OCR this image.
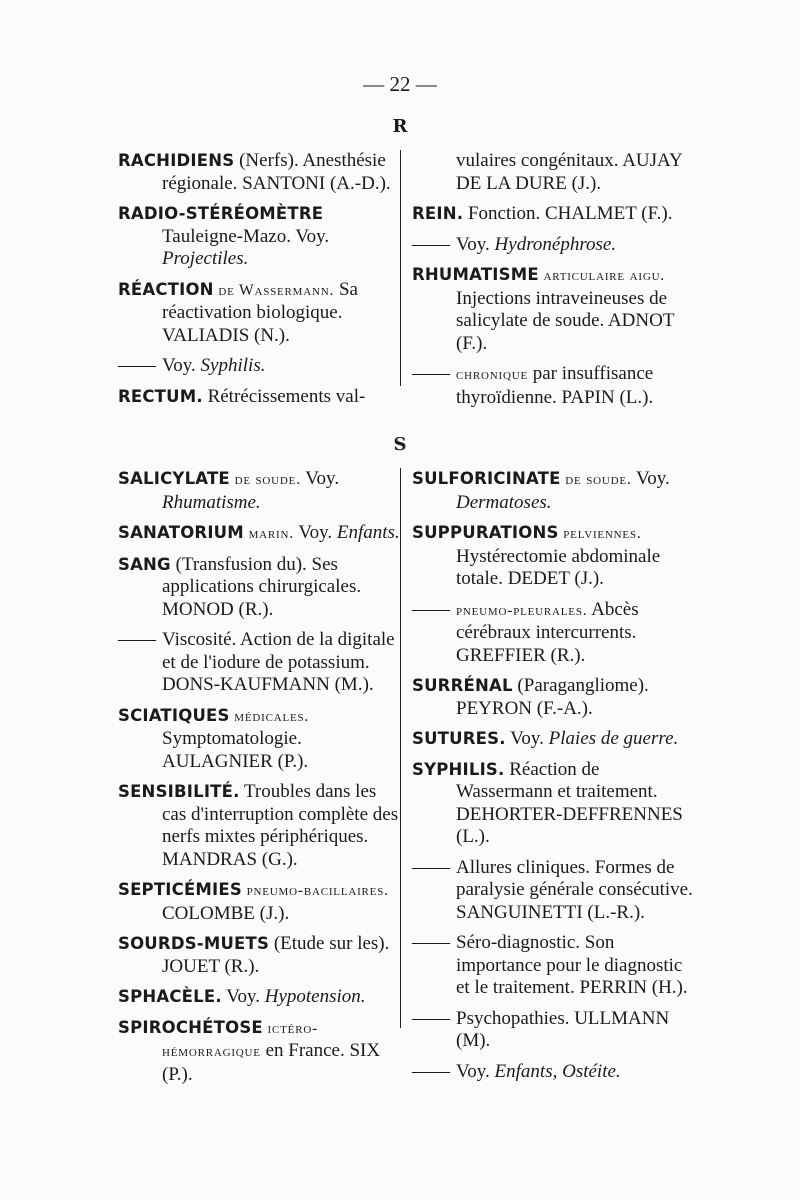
— 22 —
R
RACHIDIENS (Nerfs). Anesthésie régionale. SANTONI (A.-D.).
RADIO-STÉRÉOMÈTRE Tauleigne-Mazo. Voy. Projectiles.
RÉACTION de Wassermann. Sa réactivation biologique. VALIADIS (N.).
—— Voy. Syphilis.
RECTUM. Rétrécissements val-
vulaires congénitaux. AUJAY DE LA DURE (J.).
REIN. Fonction. CHALMET (F.).
—— Voy. Hydronéphrose.
RHUMATISME articulaire aigu. Injections intraveineuses de salicylate de soude. ADNOT (F.).
—— chronique par insuffisance thyroïdienne. PAPIN (L.).
S
SALICYLATE de soude. Voy. Rhumatisme.
SANATORIUM marin. Voy. Enfants.
SANG (Transfusion du). Ses applications chirurgicales. MONOD (R.).
—— Viscosité. Action de la digitale et de l'iodure de potassium. DONS-KAUFMANN (M.).
SCIATIQUES médicales. Symptomatologie. AULAGNIER (P.).
SENSIBILITÉ. Troubles dans les cas d'interruption complète des nerfs mixtes périphériques. MANDRAS (G.).
SEPTICÉMIES pneumo-bacillaires. COLOMBE (J.).
SOURDS-MUETS (Etude sur les). JOUET (R.).
SPHACÈLE. Voy. Hypotension.
SPIROCHÉTOSE ictéro-hémorragique en France. SIX (P.).
SULFORICINATE de soude. Voy. Dermatoses.
SUPPURATIONS pelviennes. Hystérectomie abdominale totale. DEDET (J.).
—— pneumo-pleurales. Abcès cérébraux intercurrents. GREFFIER (R.).
SURRÉNAL (Paragangliome). PEYRON (F.-A.).
SUTURES. Voy. Plaies de guerre.
SYPHILIS. Réaction de Wassermann et traitement. DEHORTER-DEFFRENNES (L.).
—— Allures cliniques. Formes de paralysie générale consécutive. SANGUINETTI (L.-R.).
—— Séro-diagnostic. Son importance pour le diagnostic et le traitement. PERRIN (H.).
—— Psychopathies. ULLMANN (M).
—— Voy. Enfants, Ostéite.
